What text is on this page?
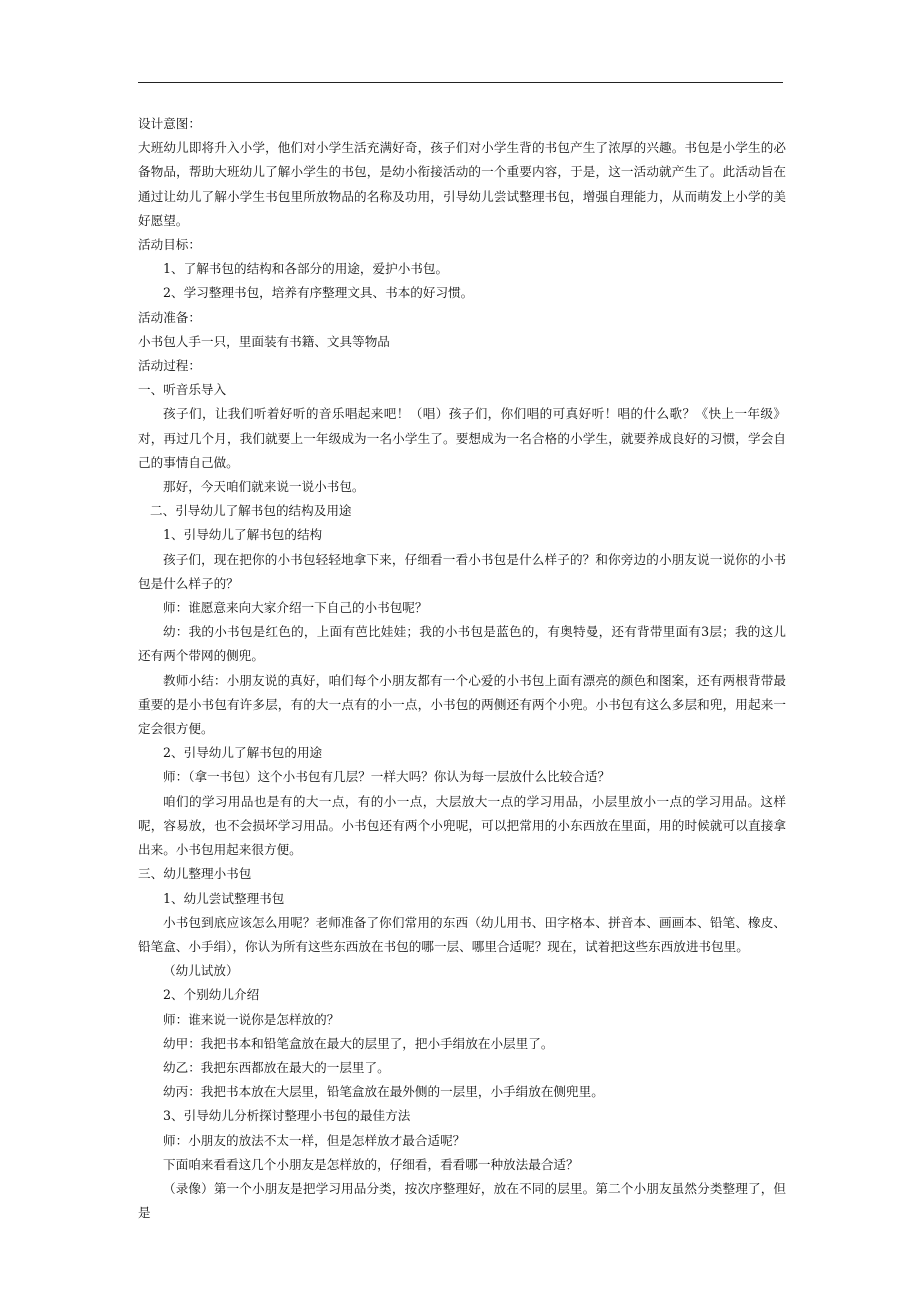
设计意图：

大班幼儿即将升入小学，他们对小学生活充满好奇，孩子们对小学生背的书包产生了浓厚的兴趣。书包是小学生的必备物品，帮助大班幼儿了解小学生的书包，是幼小衔接活动的一个重要内容，于是，这一活动就产生了。此活动旨在通过让幼儿了解小学生书包里所放物品的名称及功用，引导幼儿尝试整理书包，增强自理能力，从而萌发上小学的美好愿望。

活动目标：

1、了解书包的结构和各部分的用途，爱护小书包。

2、学习整理书包，培养有序整理文具、书本的好习惯。

活动准备：

小书包人手一只，里面装有书籍、文具等物品

活动过程：

一、听音乐导入

孩子们，让我们听着好听的音乐唱起来吧！（唱）孩子们，你们唱的可真好听！唱的什么歌？《快上一年级》对，再过几个月，我们就要上一年级成为一名小学生了。要想成为一名合格的小学生，就要养成良好的习惯，学会自己的事情自己做。

那好，今天咱们就来说一说小书包。

二、引导幼儿了解书包的结构及用途

1、引导幼儿了解书包的结构

孩子们，现在把你的小书包轻轻地拿下来，仔细看一看小书包是什么样子的？和你旁边的小朋友说一说你的小书包是什么样子的？

师：谁愿意来向大家介绍一下自己的小书包呢？

幼：我的小书包是红色的，上面有芭比娃娃；我的小书包是蓝色的，有奥特曼，还有背带里面有3层；我的这儿还有两个带网的侧兜。

教师小结：小朋友说的真好，咱们每个小朋友都有一个心爱的小书包上面有漂亮的颜色和图案，还有两根背带最重要的是小书包有许多层，有的大一点有的小一点，小书包的两侧还有两个小兜。小书包有这么多层和兜，用起来一定会很方便。

2、引导幼儿了解书包的用途

师：（拿一书包）这个小书包有几层？一样大吗？你认为每一层放什么比较合适？

咱们的学习用品也是有的大一点，有的小一点，大层放大一点的学习用品，小层里放小一点的学习用品。这样呢，容易放，也不会损坏学习用品。小书包还有两个小兜呢，可以把常用的小东西放在里面，用的时候就可以直接拿出来。小书包用起来很方便。

三、幼儿整理小书包

1、幼儿尝试整理书包

小书包到底应该怎么用呢？老师准备了你们常用的东西（幼儿用书、田字格本、拼音本、画画本、铅笔、橡皮、铅笔盒、小手绢），你认为所有这些东西放在书包的哪一层、哪里合适呢？现在，试着把这些东西放进书包里。

（幼儿试放）

2、个别幼儿介绍

师：谁来说一说你是怎样放的？

幼甲：我把书本和铅笔盒放在最大的层里了，把小手绢放在小层里了。

幼乙：我把东西都放在最大的一层里了。

幼丙：我把书本放在大层里，铅笔盒放在最外侧的一层里，小手绢放在侧兜里。

3、引导幼儿分析探讨整理小书包的最佳方法

师：小朋友的放法不太一样，但是怎样放才最合适呢？

下面咱来看看这几个小朋友是怎样放的，仔细看，看看哪一种放法最合适？

（录像）第一个小朋友是把学习用品分类，按次序整理好，放在不同的层里。第二个小朋友虽然分类整理了，但是
